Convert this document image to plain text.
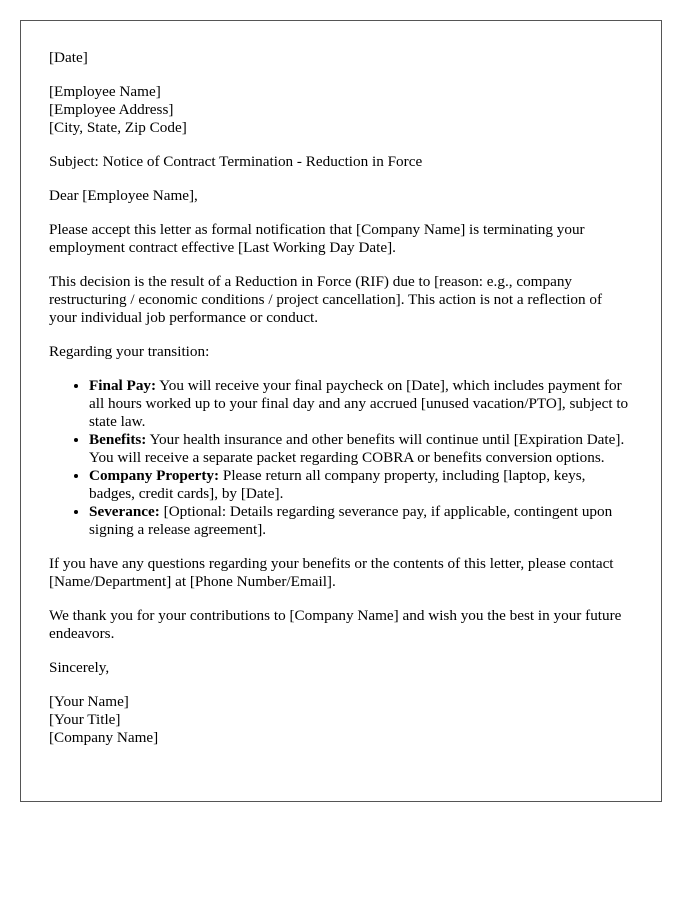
[Date]
[Employee Name]
[Employee Address]
[City, State, Zip Code]

Subject: Notice of Contract Termination - Reduction in Force

Dear [Employee Name],

Please accept this letter as formal notification that [Company Name] is terminating your employment contract effective [Last Working Day Date].

This decision is the result of a Reduction in Force (RIF) due to [reason: e.g., company restructuring / economic conditions / project cancellation]. This action is not a reflection of your individual job performance or conduct.

Regarding your transition:

• Final Pay: You will receive your final paycheck on [Date], which includes payment for all hours worked up to your final day and any accrued [unused vacation/PTO], subject to state law.
• Benefits: Your health insurance and other benefits will continue until [Expiration Date]. You will receive a separate packet regarding COBRA or benefits conversion options.
• Company Property: Please return all company property, including [laptop, keys, badges, credit cards], by [Date].
• Severance: [Optional: Details regarding severance pay, if applicable, contingent upon signing a release agreement].

If you have any questions regarding your benefits or the contents of this letter, please contact [Name/Department] at [Phone Number/Email].

We thank you for your contributions to [Company Name] and wish you the best in your future endeavors.

Sincerely,

[Your Name]
[Your Title]
[Company Name]
